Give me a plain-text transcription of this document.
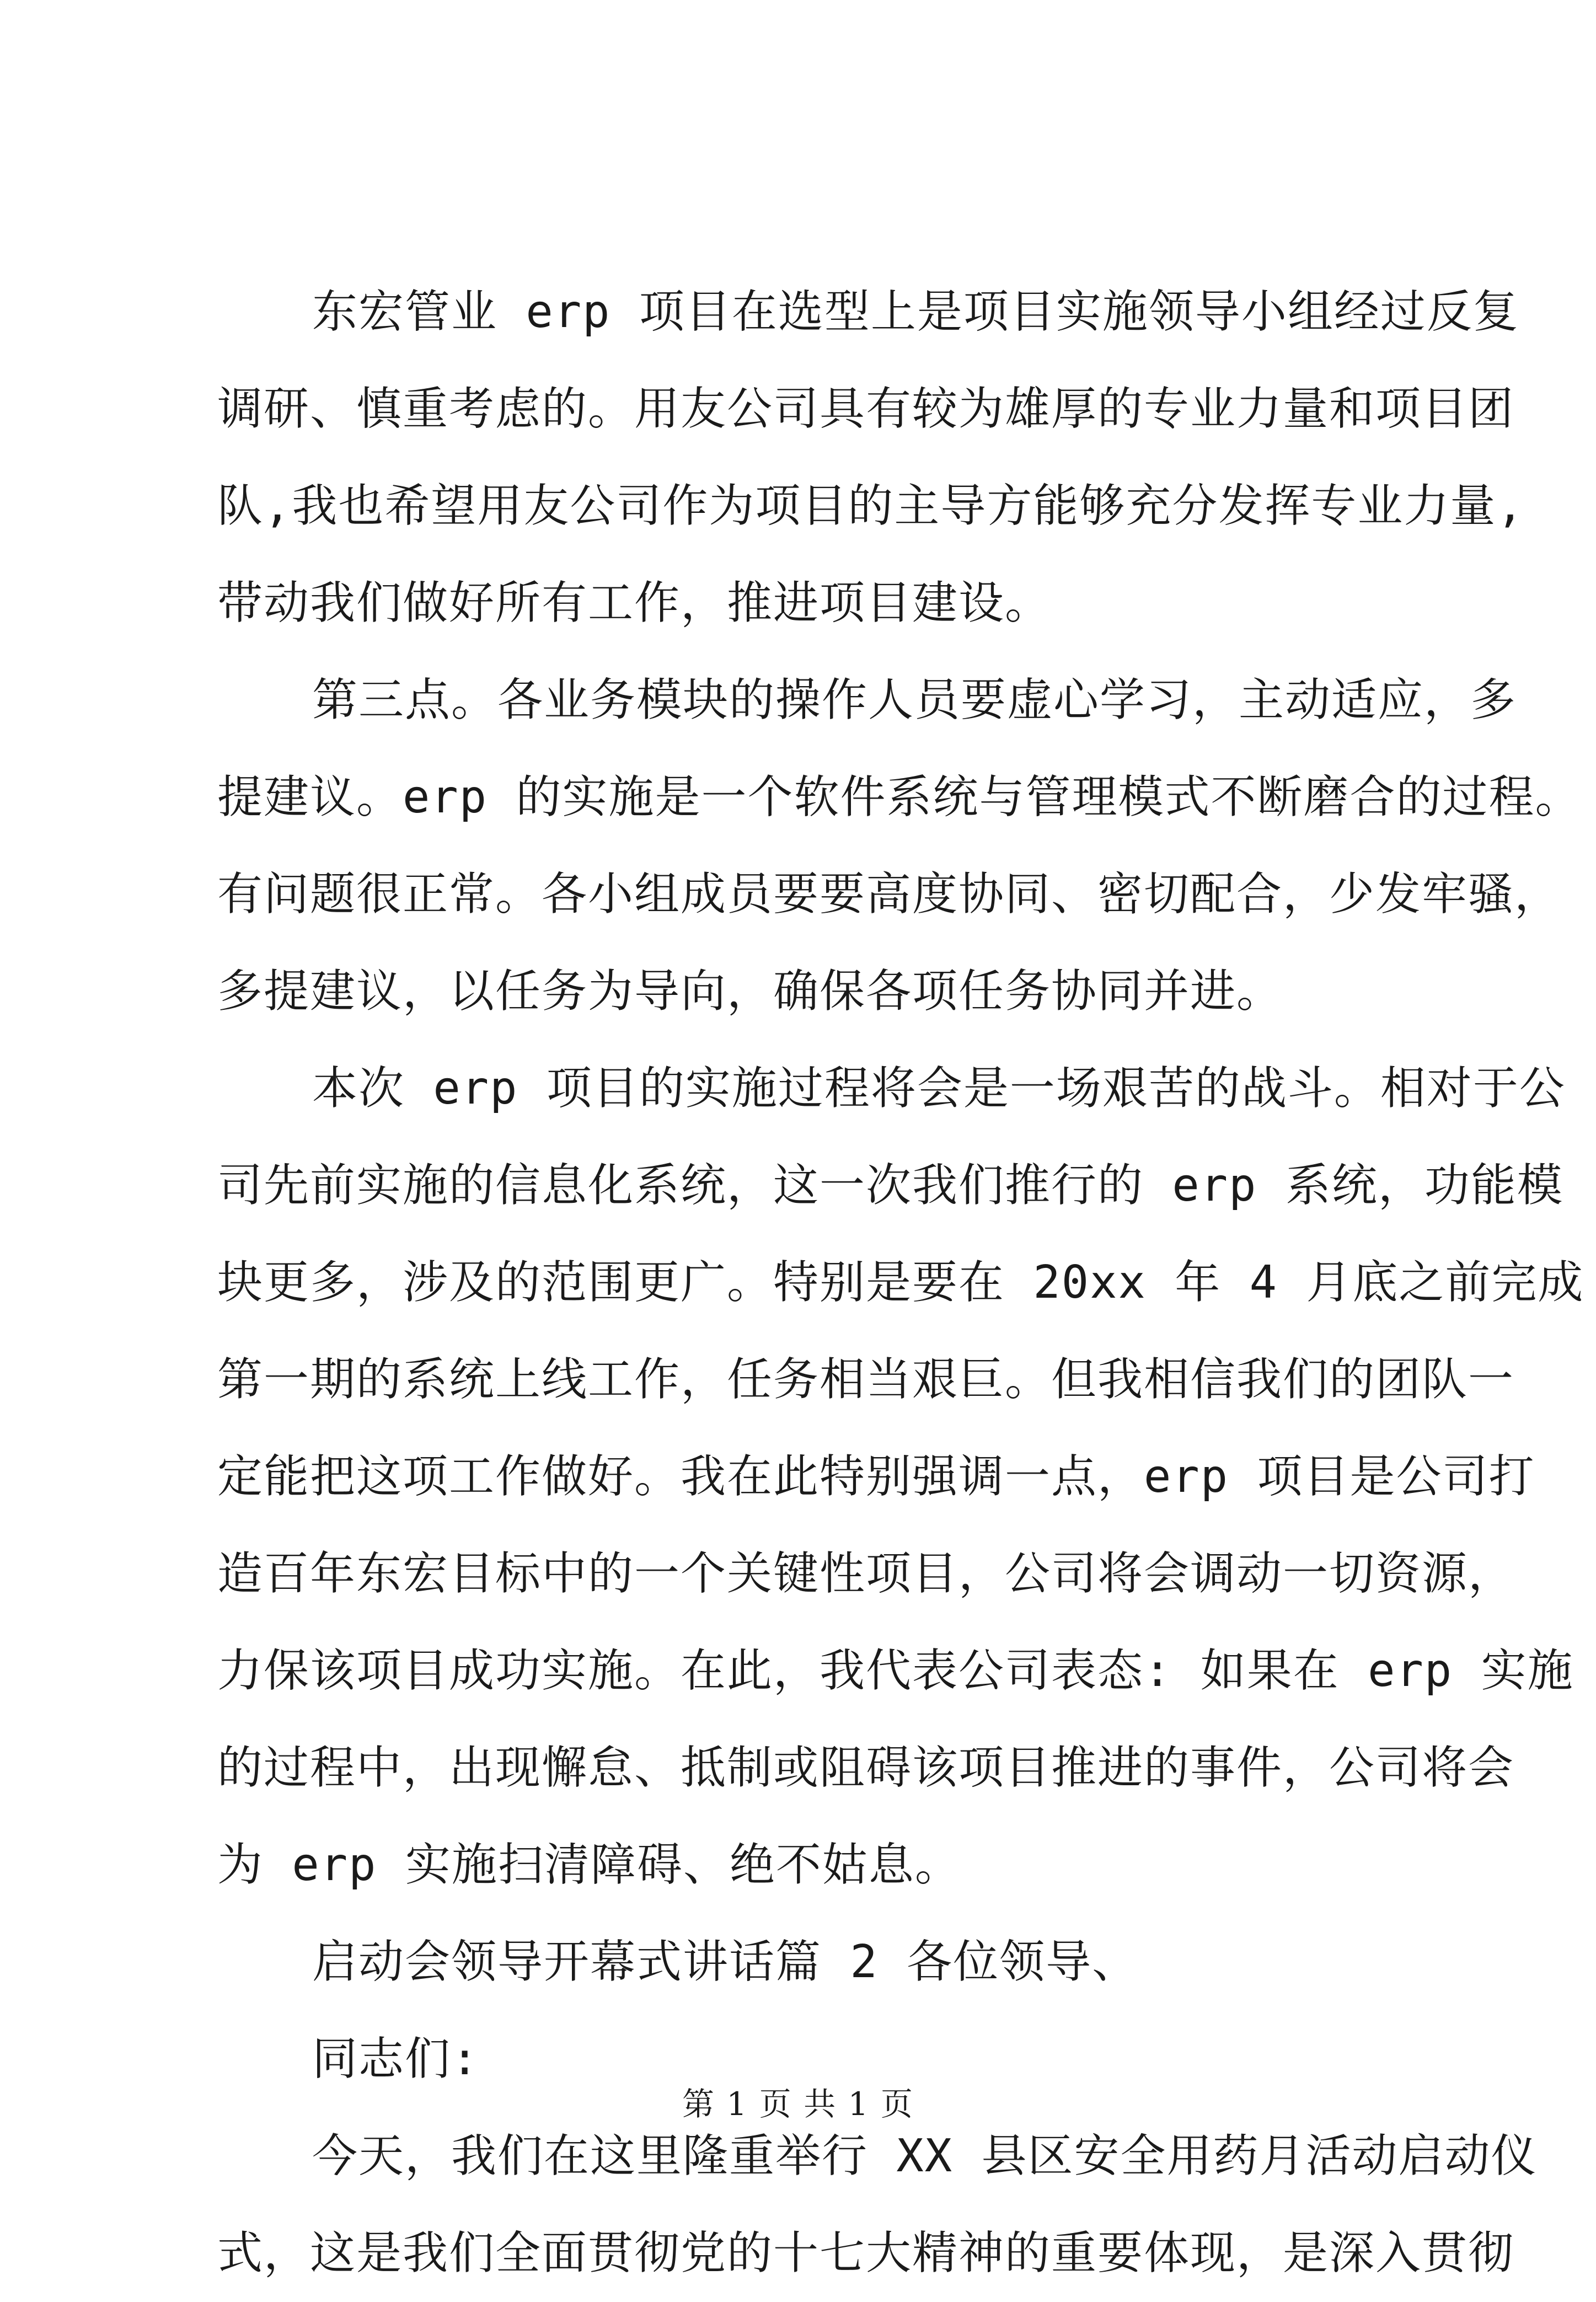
东宏管业 erp 项目在选型上是项目实施领导小组经过反复
调研、慎重考虑的。用友公司具有较为雄厚的专业力量和项目团
队,我也希望用友公司作为项目的主导方能够充分发挥专业力量,
带动我们做好所有工作，推进项目建设。
第三点。各业务模块的操作人员要虚心学习，主动适应，多
提建议。erp 的实施是一个软件系统与管理模式不断磨合的过程。
有问题很正常。各小组成员要要高度协同、密切配合，少发牢骚，
多提建议，以任务为导向，确保各项任务协同并进。
本次 erp 项目的实施过程将会是一场艰苦的战斗。相对于公
司先前实施的信息化系统，这一次我们推行的 erp 系统，功能模
块更多，涉及的范围更广。特别是要在 20xx 年 4 月底之前完成
第一期的系统上线工作，任务相当艰巨。但我相信我们的团队一
定能把这项工作做好。我在此特别强调一点，erp 项目是公司打
造百年东宏目标中的一个关键性项目，公司将会调动一切资源，
力保该项目成功实施。在此，我代表公司表态: 如果在 erp 实施
的过程中，出现懈怠、抵制或阻碍该项目推进的事件，公司将会
为 erp 实施扫清障碍、绝不姑息。
启动会领导开幕式讲话篇 2 各位领导、
同志们:
今天，我们在这里隆重举行 XX 县区安全用药月活动启动仪
式，这是我们全面贯彻党的十七大精神的重要体现，是深入贯彻
第 1 页 共 1 页
